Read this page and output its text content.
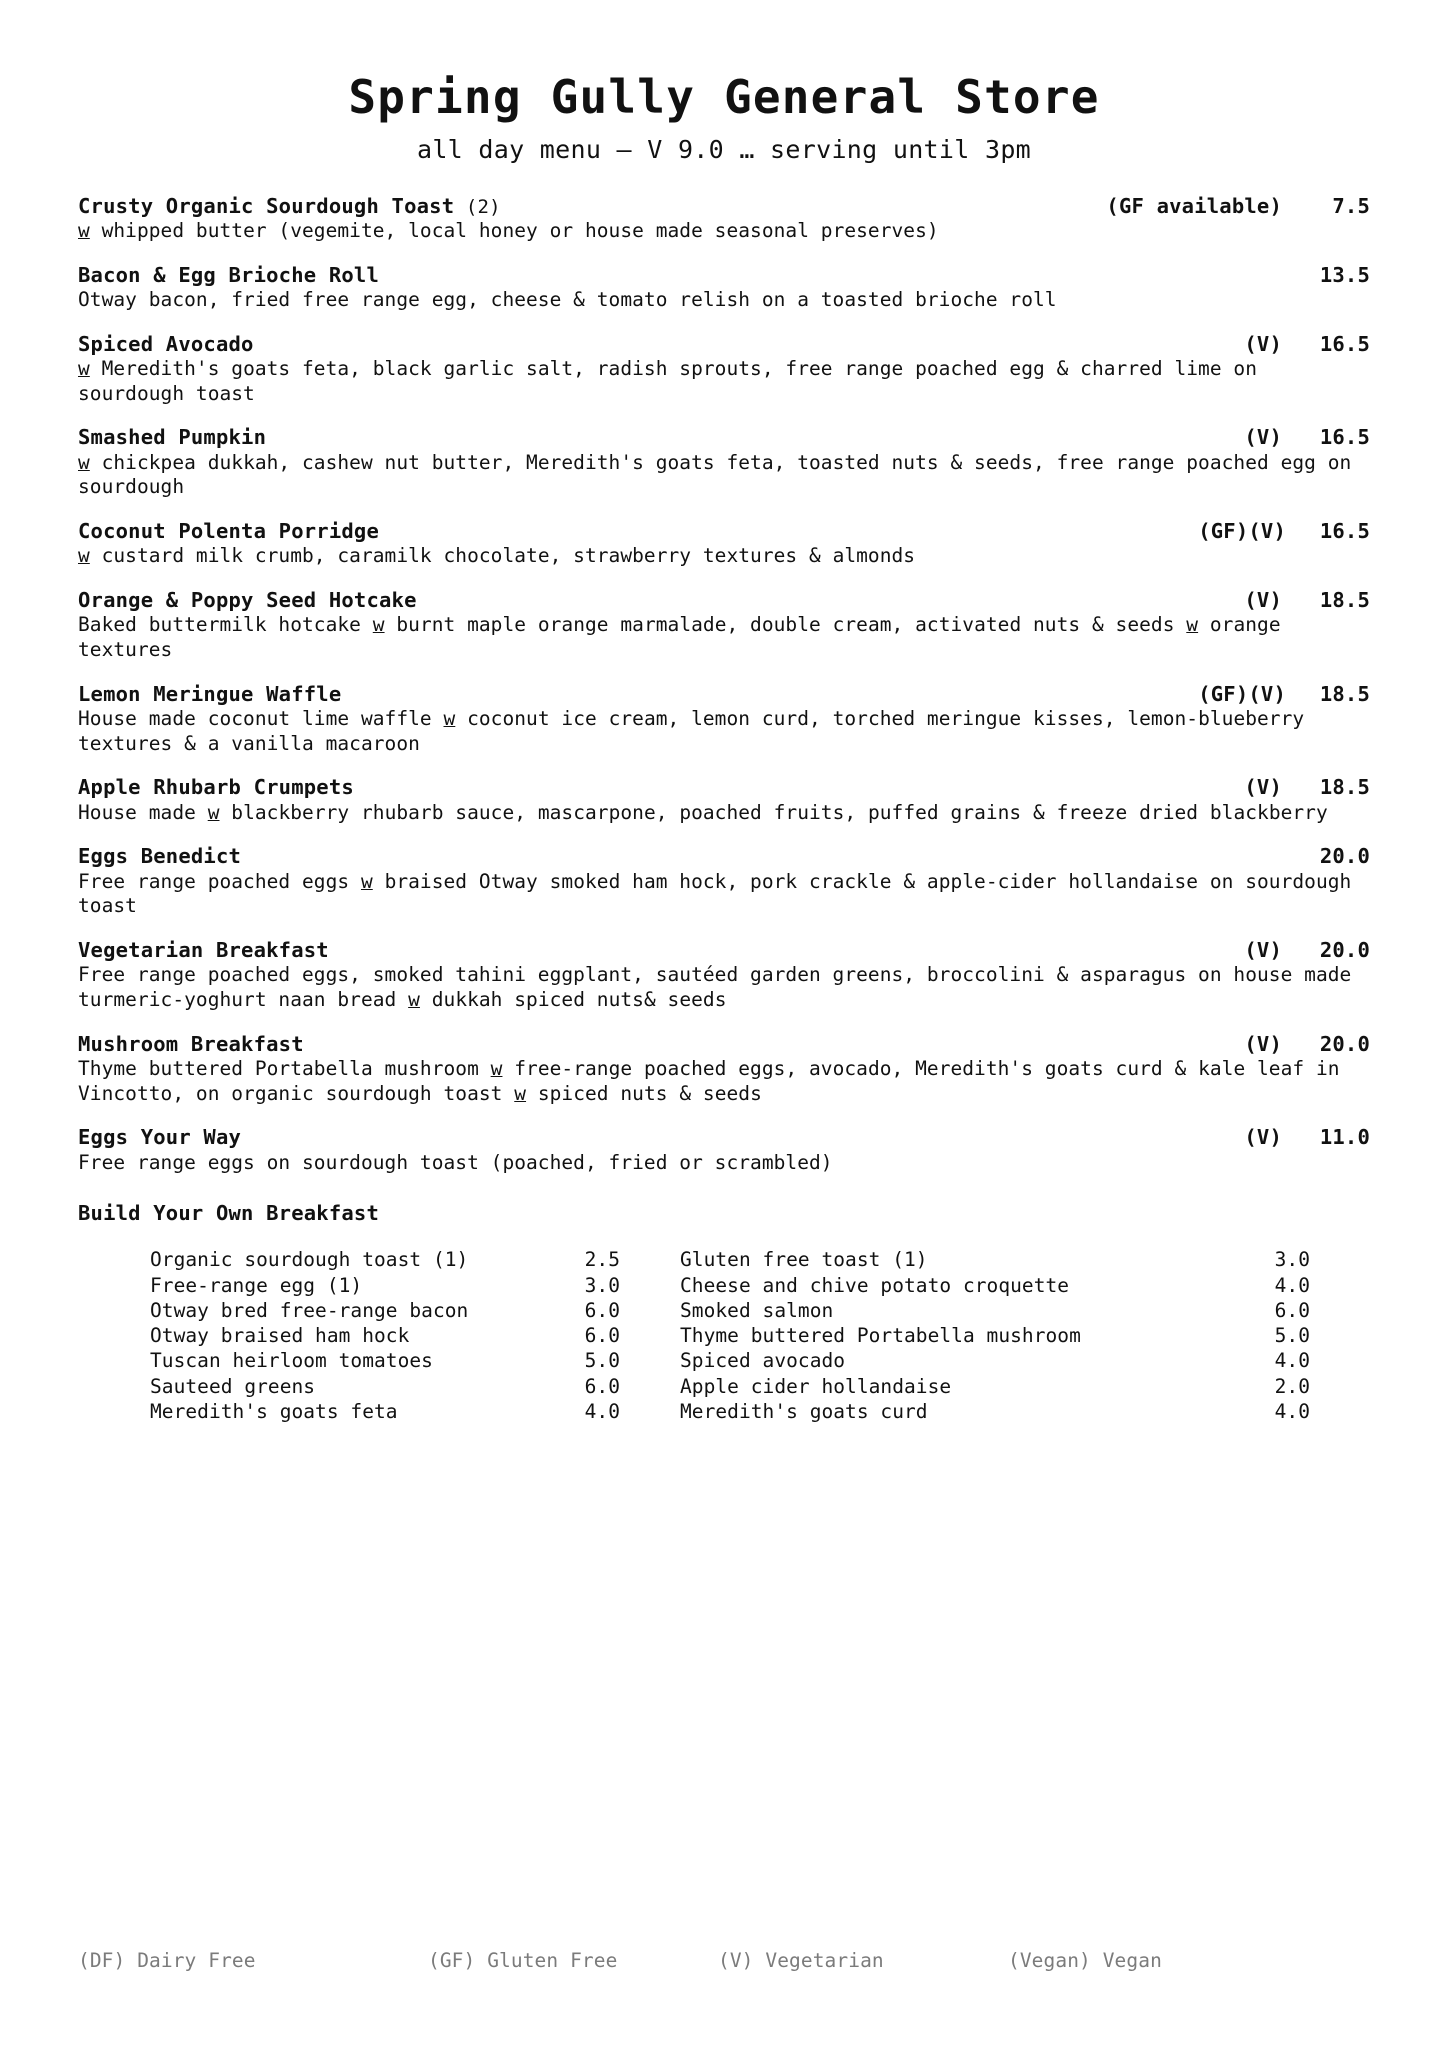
Spring Gully General Store
all day menu – V 9.0 … serving until 3pm
Crusty Organic Sourdough Toast (2)	(GF available)	7.5
w whipped butter (vegemite, local honey or house made seasonal preserves)
Bacon & Egg Brioche Roll	13.5
Otway bacon, fried free range egg, cheese & tomato relish on a toasted brioche roll
Spiced Avocado	(V)	16.5
w Meredith's goats feta, black garlic salt, radish sprouts, free range poached egg & charred lime on sourdough toast
Smashed Pumpkin	(V)	16.5
w chickpea dukkah, cashew nut butter, Meredith's goats feta, toasted nuts & seeds, free range poached egg on sourdough
Coconut Polenta Porridge	(GF)(V)	16.5
w custard milk crumb, caramilk chocolate, strawberry textures & almonds
Orange & Poppy Seed Hotcake	(V)	18.5
Baked buttermilk hotcake w burnt maple orange marmalade, double cream, activated nuts & seeds w orange textures
Lemon Meringue Waffle	(GF)(V)	18.5
House made coconut lime waffle w coconut ice cream, lemon curd, torched meringue kisses, lemon-blueberry textures & a vanilla macaroon
Apple Rhubarb Crumpets	(V)	18.5
House made w blackberry rhubarb sauce, mascarpone, poached fruits, puffed grains & freeze dried blackberry
Eggs Benedict	20.0
Free range poached eggs w braised Otway smoked ham hock, pork crackle & apple-cider hollandaise on sourdough toast
Vegetarian Breakfast	(V)	20.0
Free range poached eggs, smoked tahini eggplant, sautéed garden greens, broccolini & asparagus on house made turmeric-yoghurt naan bread w dukkah spiced nuts& seeds
Mushroom Breakfast	(V)	20.0
Thyme buttered Portabella mushroom w free-range poached eggs, avocado, Meredith's goats curd & kale leaf in Vincotto, on organic sourdough toast w spiced nuts & seeds
Eggs Your Way	(V)	11.0
Free range eggs on sourdough toast (poached, fried or scrambled)
Build Your Own Breakfast
Organic sourdough toast (1)	2.5
Free-range egg (1)	3.0
Otway bred free-range bacon	6.0
Otway braised ham hock	6.0
Tuscan heirloom tomatoes	5.0
Sauteed greens	6.0
Meredith's goats feta	4.0
Gluten free toast (1)	3.0
Cheese and chive potato croquette	4.0
Smoked salmon	6.0
Thyme buttered Portabella mushroom	5.0
Spiced avocado	4.0
Apple cider hollandaise	2.0
Meredith's goats curd	4.0
(DF) Dairy Free	(GF) Gluten Free	(V) Vegetarian	(Vegan) Vegan
